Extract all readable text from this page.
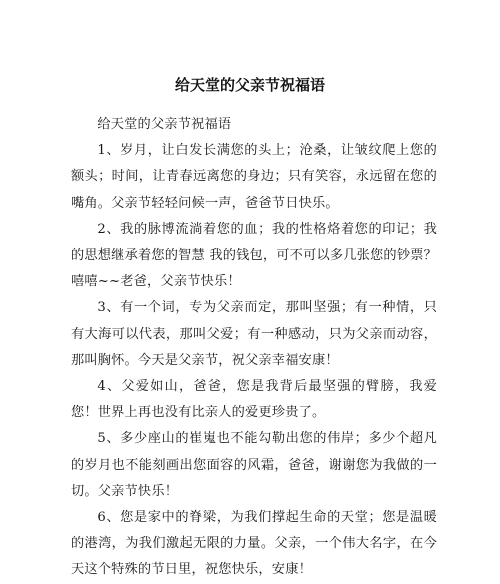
给天堂的父亲节祝福语

给天堂的父亲节祝福语

1、岁月，让白发长满您的头上；沧桑，让皱纹爬上您的额头；时间，让青春远离您的身边；只有笑容，永远留在您的嘴角。父亲节轻轻问候一声，爸爸节日快乐。

2、我的脉博流淌着您的血；我的性格烙着您的印记；我的思想继承着您的智慧 我的钱包，可不可以多几张您的钞票？嘻嘻~~老爸，父亲节快乐！

3、有一个词，专为父亲而定，那叫坚强；有一种情，只有大海可以代表，那叫父爱；有一种感动，只为父亲而动容，那叫胸怀。今天是父亲节，祝父亲幸福安康！

4、父爱如山，爸爸，您是我背后最坚强的臂膀，我爱您！世界上再也没有比亲人的爱更珍贵了。

5、多少座山的崔嵬也不能勾勒出您的伟岸；多少个超凡的岁月也不能刻画出您面容的风霜，爸爸，谢谢您为我做的一切。父亲节快乐！

6、您是家中的脊梁，为我们撑起生命的天堂；您是温暖的港湾，为我们激起无限的力量。父亲，一个伟大名字，在今天这个特殊的节日里，祝您快乐，安康！
